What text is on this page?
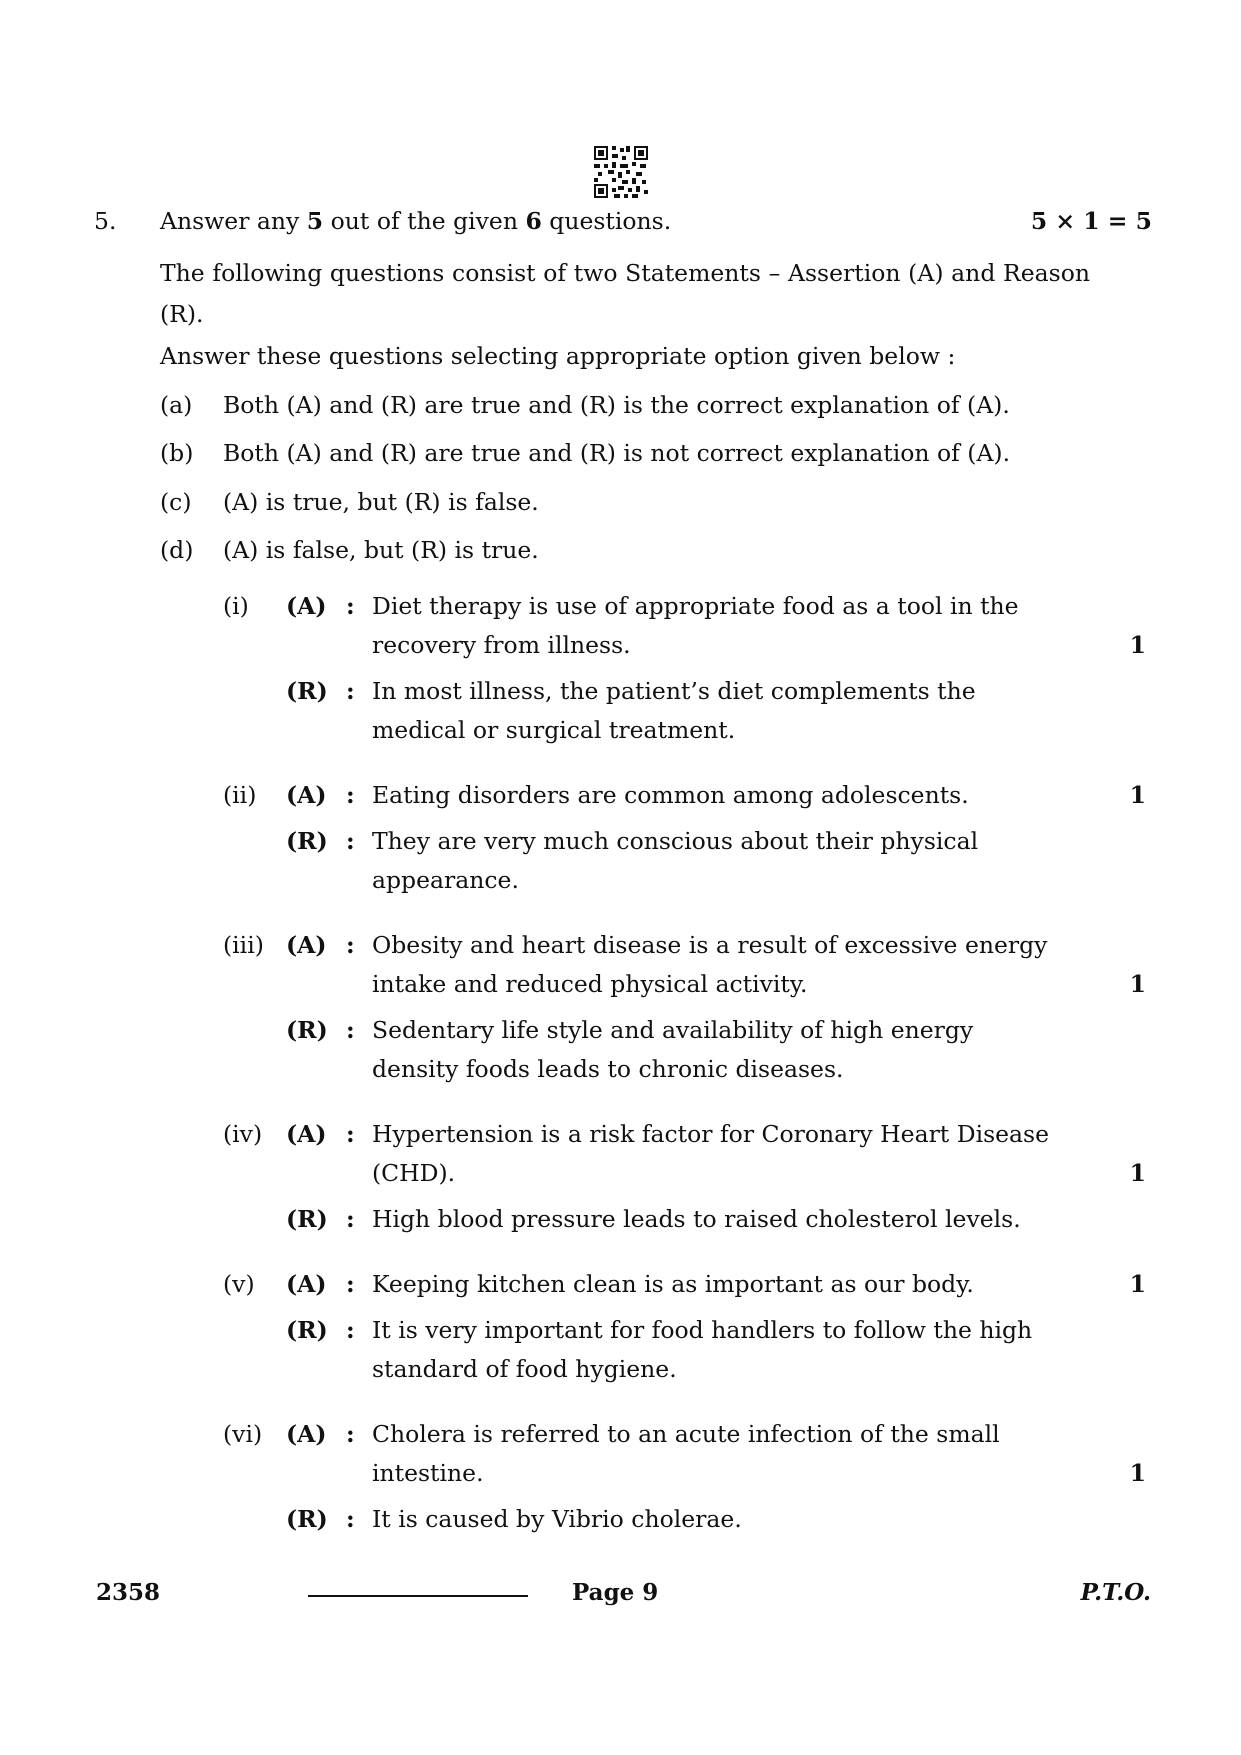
5. Answer any 5 out of the given 6 questions.	5 × 1 = 5
The following questions consist of two Statements – Assertion (A) and Reason (R).
Answer these questions selecting appropriate option given below :
(a) Both (A) and (R) are true and (R) is the correct explanation of (A).
(b) Both (A) and (R) are true and (R) is not correct explanation of (A).
(c) (A) is true, but (R) is false.
(d) (A) is false, but (R) is true.
(i) (A) : Diet therapy is use of appropriate food as a tool in the
recovery from illness.	1
(R) : In most illness, the patient’s diet complements the
medical or surgical treatment.
(ii) (A) : Eating disorders are common among adolescents.	1
(R) : They are very much conscious about their physical
appearance.
(iii) (A) : Obesity and heart disease is a result of excessive energy
intake and reduced physical activity.	1
(R) : Sedentary life style and availability of high energy
density foods leads to chronic diseases.
(iv) (A) : Hypertension is a risk factor for Coronary Heart Disease
(CHD).	1
(R) : High blood pressure leads to raised cholesterol levels.
(v) (A) : Keeping kitchen clean is as important as our body.	1
(R) : It is very important for food handlers to follow the high
standard of food hygiene.
(vi) (A) : Cholera is referred to an acute infection of the small
intestine.	1
(R) : It is caused by Vibrio cholerae.
2358	Page 9	P.T.O.
